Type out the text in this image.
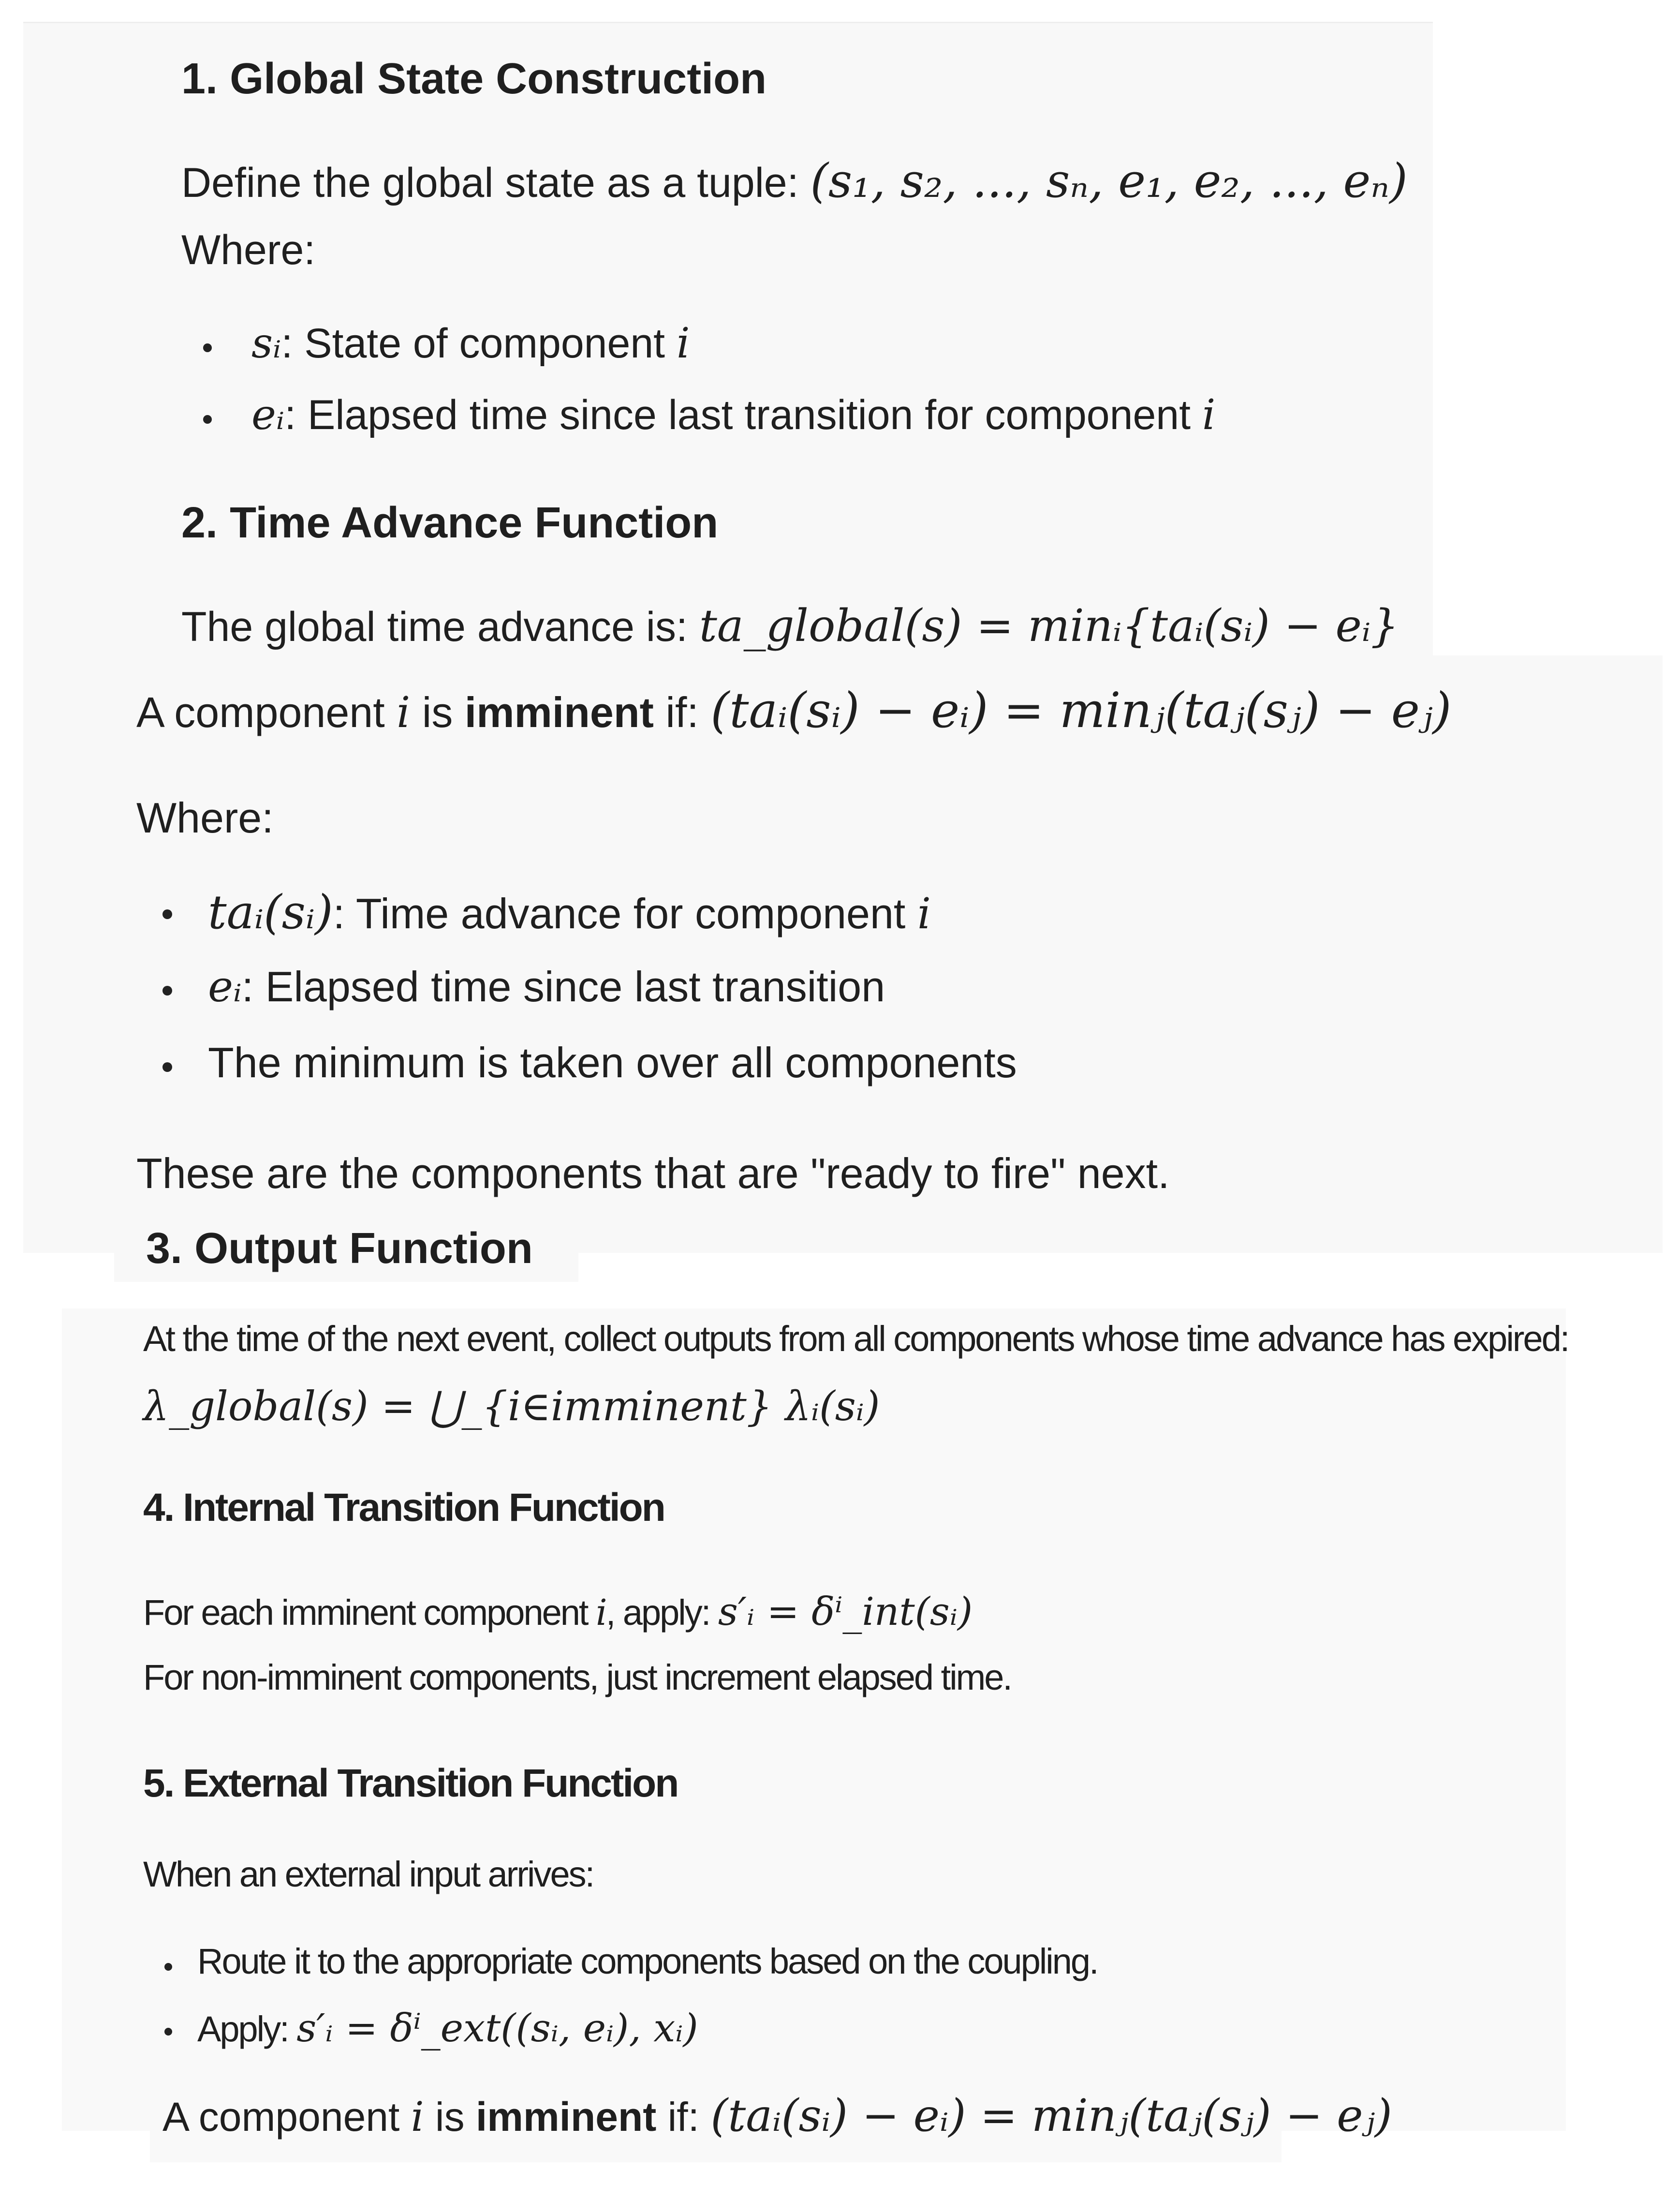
1. Global State Construction
Define the global state as a tuple: (s₁, s₂, ..., sₙ, e₁, e₂, ..., eₙ)
Where:
sᵢ: State of component i
eᵢ: Elapsed time since last transition for component i
2. Time Advance Function
The global time advance is: ta_global(s) = minᵢ{taᵢ(sᵢ) − eᵢ}
A component i is imminent if: (taᵢ(sᵢ) − eᵢ) = minⱼ(taⱼ(sⱼ) − eⱼ)
Where:
taᵢ(sᵢ): Time advance for component i
eᵢ: Elapsed time since last transition
The minimum is taken over all components
These are the components that are "ready to fire" next.
3. Output Function
At the time of the next event, collect outputs from all components whose time advance has expired:
λ_global(s) = ⋃_{i∈imminent} λᵢ(sᵢ)
4. Internal Transition Function
For each imminent component i, apply: s′ᵢ = δⁱ_int(sᵢ)
For non-imminent components, just increment elapsed time.
5. External Transition Function
When an external input arrives:
Route it to the appropriate components based on the coupling.
Apply: s′ᵢ = δⁱ_ext((sᵢ, eᵢ), xᵢ)
A component i is imminent if: (taᵢ(sᵢ) − eᵢ) = minⱼ(taⱼ(sⱼ) − eⱼ)
